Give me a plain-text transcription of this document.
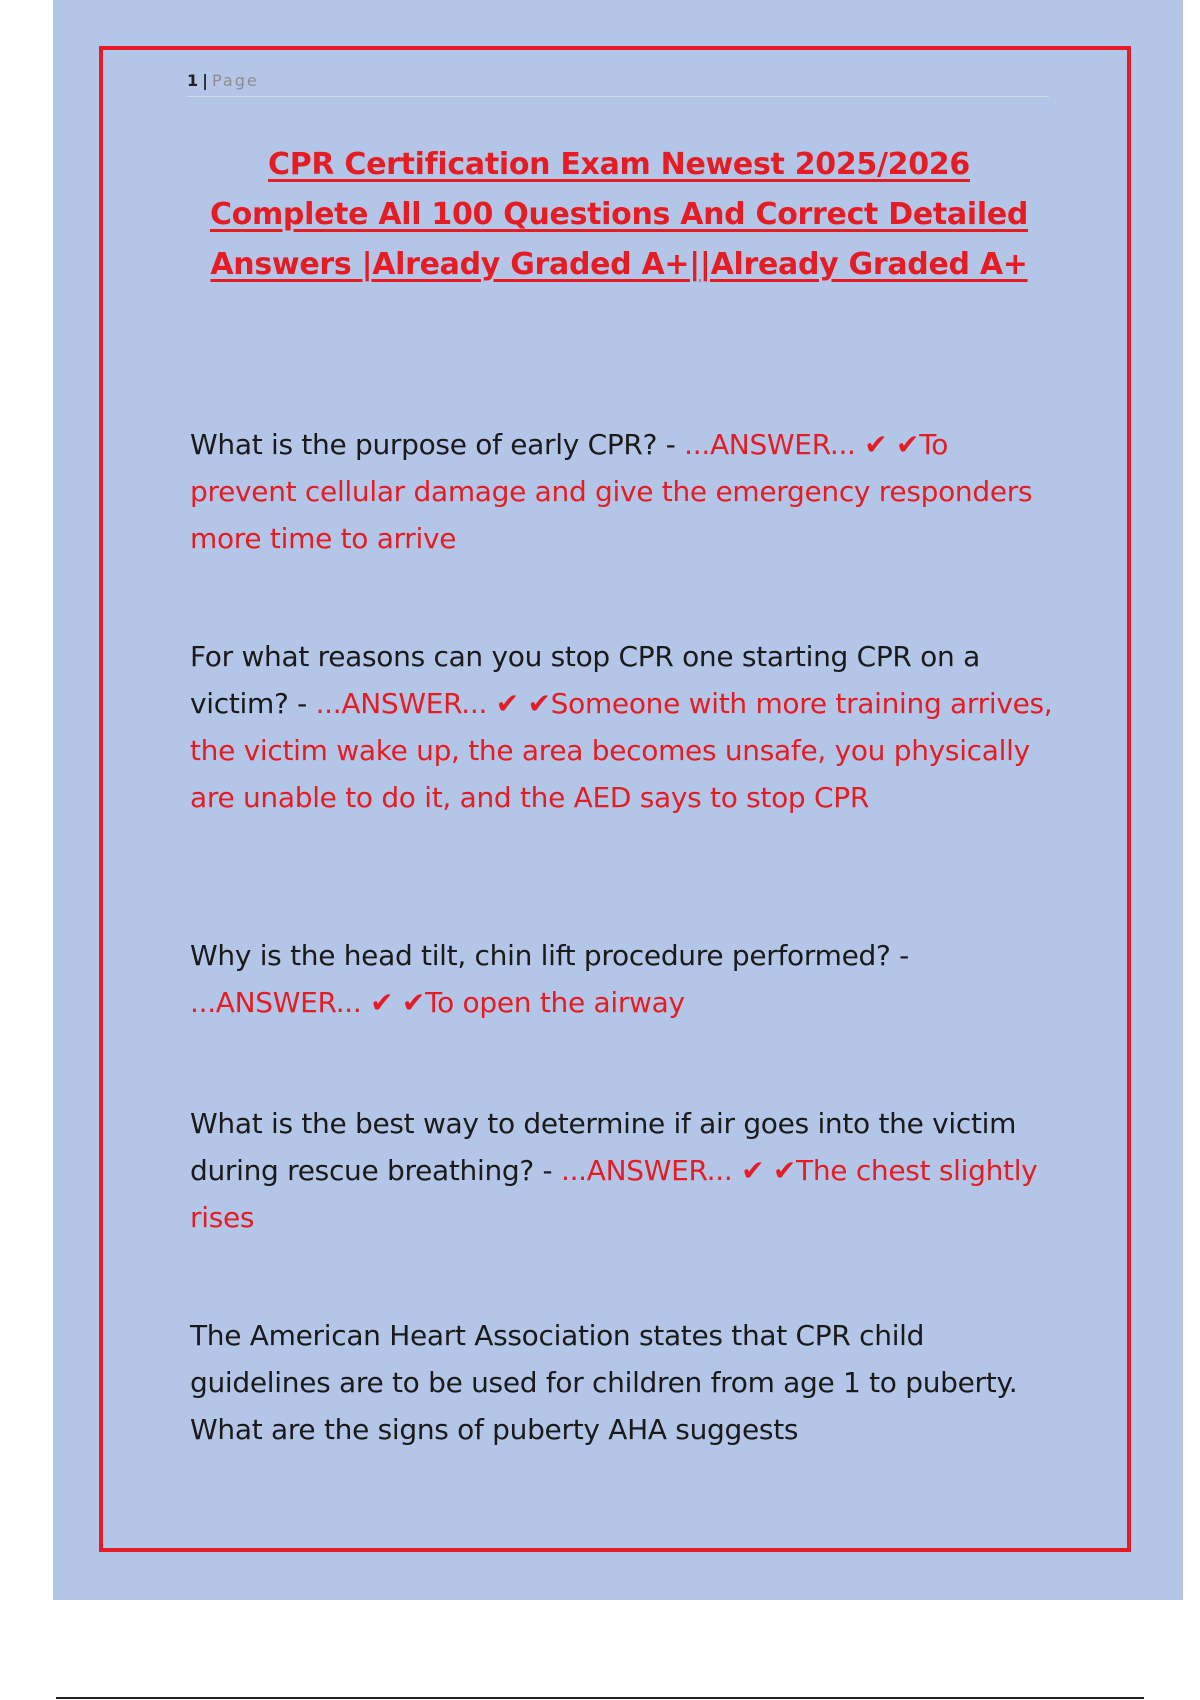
1 | Page
CPR Certification Exam Newest 2025/2026 Complete All 100 Questions And Correct Detailed Answers |Already Graded A+||Already Graded A+
What is the purpose of early CPR? - ...ANSWER... ✔ ✔To prevent cellular damage and give the emergency responders more time to arrive
For what reasons can you stop CPR one starting CPR on a victim? - ...ANSWER... ✔ ✔Someone with more training arrives, the victim wake up, the area becomes unsafe, you physically are unable to do it, and the AED says to stop CPR
Why is the head tilt, chin lift procedure performed? - ...ANSWER... ✔ ✔To open the airway
What is the best way to determine if air goes into the victim during rescue breathing? - ...ANSWER... ✔ ✔The chest slightly rises
The American Heart Association states that CPR child guidelines are to be used for children from age 1 to puberty. What are the signs of puberty AHA suggests
